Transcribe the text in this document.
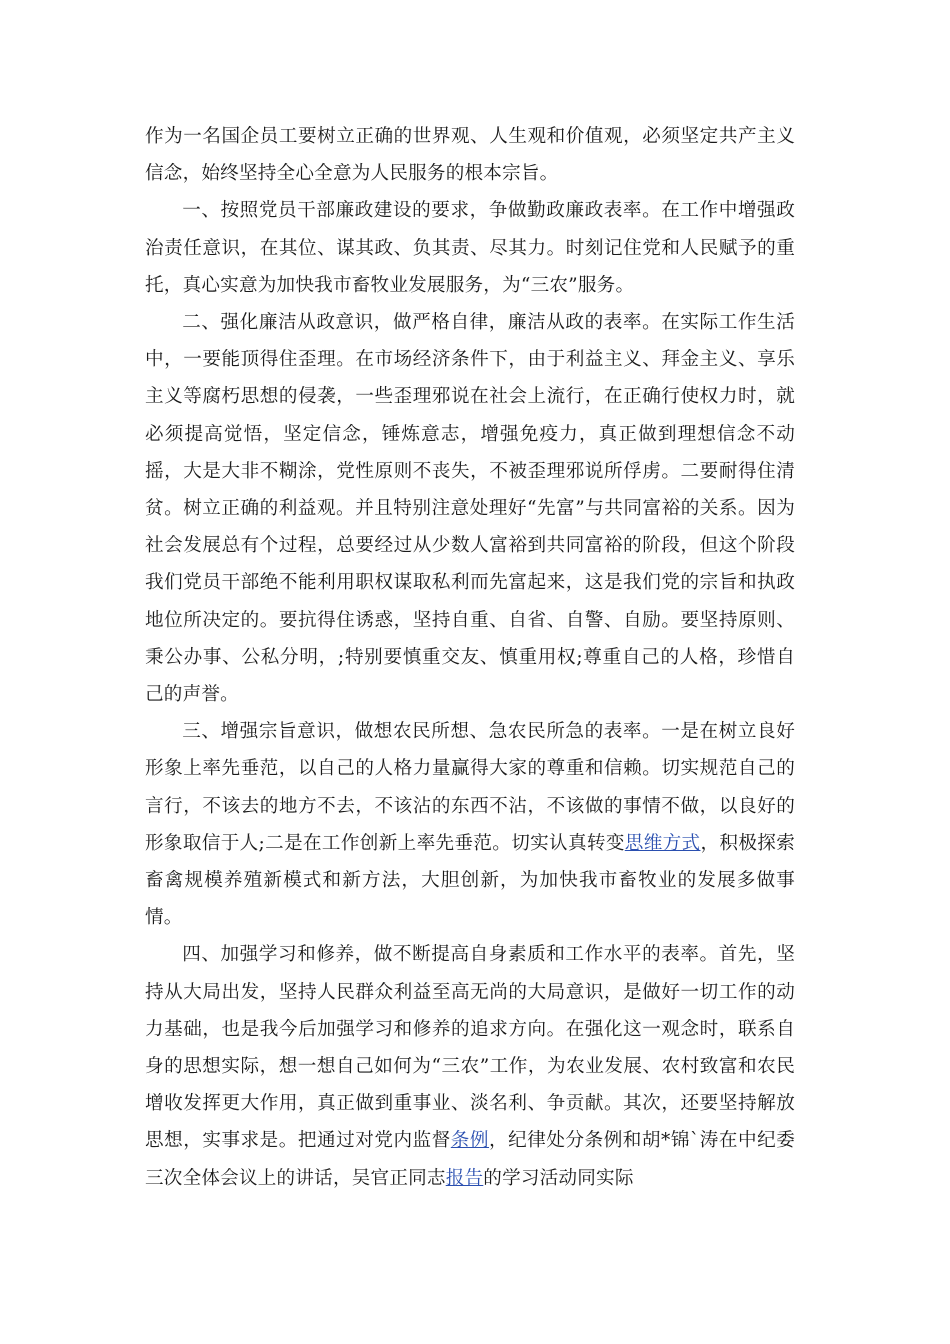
作为一名国企员工要树立正确的世界观、人生观和价值观，必须坚定共产主义信念，始终坚持全心全意为人民服务的根本宗旨。

一、按照党员干部廉政建设的要求，争做勤政廉政表率。在工作中增强政治责任意识，在其位、谋其政、负其责、尽其力。时刻记住党和人民赋予的重托，真心实意为加快我市畜牧业发展服务，为“三农”服务。

二、强化廉洁从政意识，做严格自律，廉洁从政的表率。在实际工作生活中，一要能顶得住歪理。在市场经济条件下，由于利益主义、拜金主义、享乐主义等腐朽思想的侵袭，一些歪理邪说在社会上流行，在正确行使权力时，就必须提高觉悟，坚定信念，锤炼意志，增强免疫力，真正做到理想信念不动摇，大是大非不糊涂，党性原则不丧失，不被歪理邪说所俘虏。二要耐得住清贫。树立正确的利益观。并且特别注意处理好“先富”与共同富裕的关系。因为社会发展总有个过程，总要经过从少数人富裕到共同富裕的阶段，但这个阶段我们党员干部绝不能利用职权谋取私利而先富起来，这是我们党的宗旨和执政地位所决定的。要抗得住诱惑，坚持自重、自省、自警、自励。要坚持原则、秉公办事、公私分明，;特别要慎重交友、慎重用权;尊重自己的人格，珍惜自己的声誉。

三、增强宗旨意识，做想农民所想、急农民所急的表率。一是在树立良好形象上率先垂范，以自己的人格力量赢得大家的尊重和信赖。切实规范自己的言行，不该去的地方不去，不该沾的东西不沾，不该做的事情不做，以良好的形象取信于人;二是在工作创新上率先垂范。切实认真转变思维方式，积极探索畜禽规模养殖新模式和新方法，大胆创新，为加快我市畜牧业的发展多做事情。

四、加强学习和修养，做不断提高自身素质和工作水平的表率。首先，坚持从大局出发，坚持人民群众利益至高无尚的大局意识，是做好一切工作的动力基础，也是我今后加强学习和修养的追求方向。在强化这一观念时，联系自身的思想实际，想一想自己如何为“三农”工作，为农业发展、农村致富和农民增收发挥更大作用，真正做到重事业、淡名利、争贡献。其次，还要坚持解放思想，实事求是。把通过对党内监督条例，纪律处分条例和胡*锦`涛在中纪委三次全体会议上的讲话，吴官正同志报告的学习活动同实际
